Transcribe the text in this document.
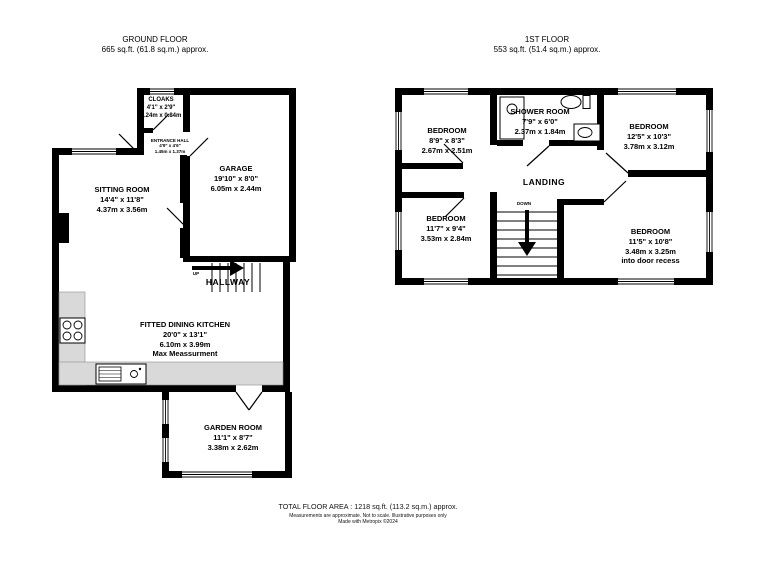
GROUND FLOOR
665 sq.ft. (61.8 sq.m.) approx.
1ST FLOOR
553 sq.ft. (51.4 sq.m.) approx.
CLOAKS
4'1" x 2'9"
1.24m x 0.84m
ENTRANCE HALL
4'9" x 4'6"
1.45m x 1.37m
GARAGE
19'10" x 8'0"
6.05m x 2.44m
SITTING ROOM
14'4" x 11'8"
4.37m x 3.56m
UP
HALLWAY
FITTED DINING KITCHEN
20'0" x 13'1"
6.10m x 3.99m
Max Meassurment
GARDEN ROOM
11'1" x 8'7"
3.38m x 2.62m
BEDROOM
8'9" x 8'3"
2.67m x 2.51m
SHOWER ROOM
7'9" x 6'0"
2.37m x 1.84m	BEDROOM
12'5" x 10'3"
3.78m x 3.12m
LANDING
DOWN
BEDROOM
11'7" x 9'4"
3.53m x 2.84m
BEDROOM
11'5" x 10'8"
3.48m x 3.25m
into door recess
TOTAL FLOOR AREA : 1218 sq.ft. (113.2 sq.m.) approx.
Measurements are approximate. Not to scale. Illustrative purposes only
Made with Metropix ©2024
